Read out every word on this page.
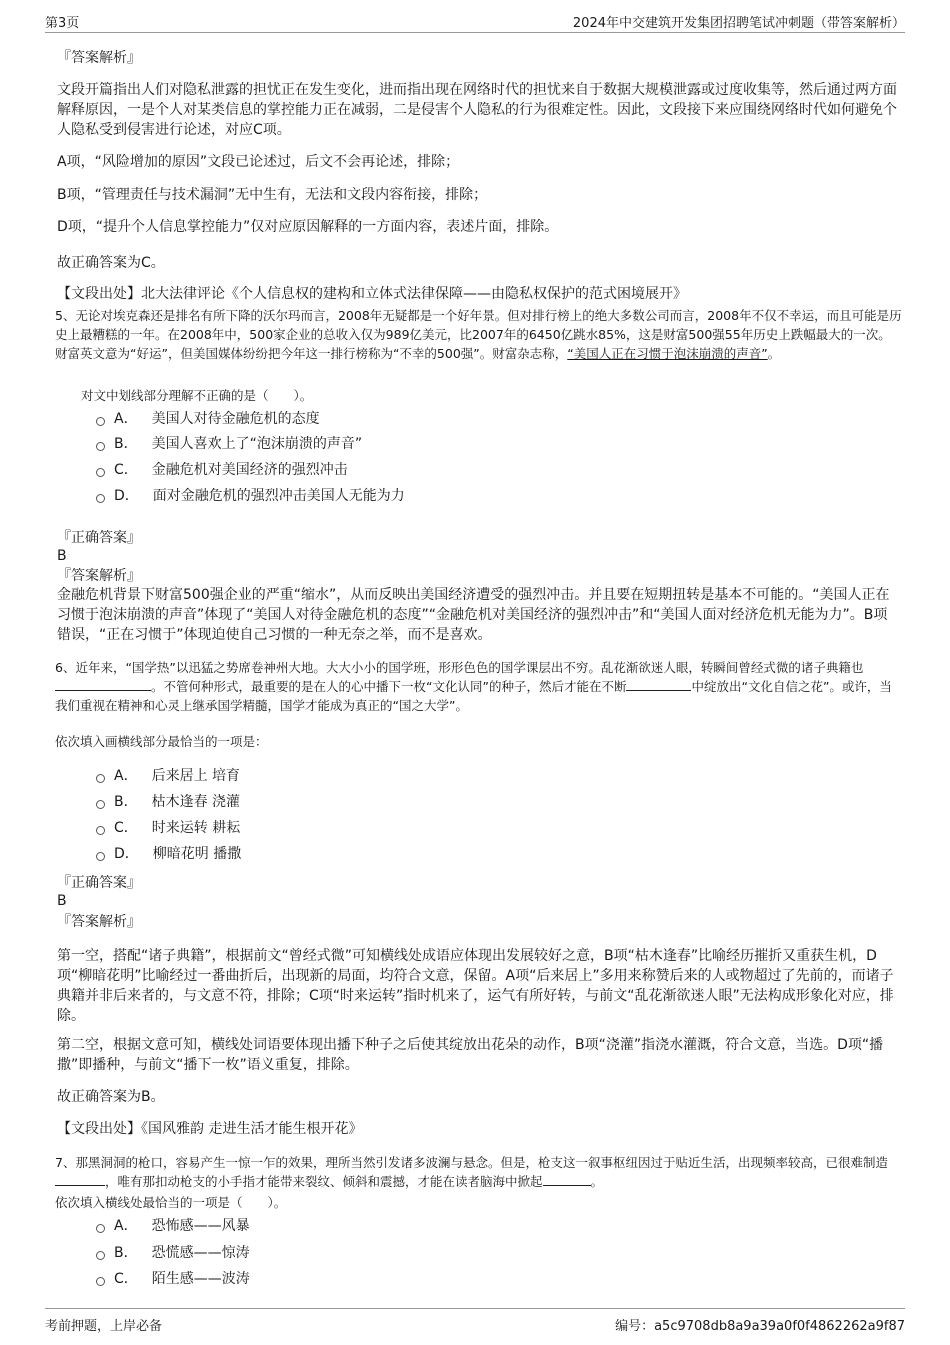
第3页	2024年中交建筑开发集团招聘笔试冲刺题（带答案解析）
『答案解析』
文段开篇指出人们对隐私泄露的担忧正在发生变化，进而指出现在网络时代的担忧来自于数据大规模泄露或过度收集等，然后通过两方面解释原因，一是个人对某类信息的掌控能力正在减弱，二是侵害个人隐私的行为很难定性。因此，文段接下来应围绕网络时代如何避免个人隐私受到侵害进行论述，对应C项。
A项，“风险增加的原因”文段已论述过，后文不会再论述，排除；
B项，“管理责任与技术漏洞”无中生有，无法和文段内容衔接，排除；
D项，“提升个人信息掌控能力”仅对应原因解释的一方面内容，表述片面，排除。
故正确答案为C。
【文段出处】北大法律评论《个人信息权的建构和立体式法律保障——由隐私权保护的范式困境展开》
5、无论对埃克森还是排名有所下降的沃尔玛而言，2008年无疑都是一个好年景。但对排行榜上的绝大多数公司而言，2008年不仅不幸运，而且可能是历史上最糟糕的一年。在2008年中，500家企业的总收入仅为989亿美元，比2007年的6450亿跳水85%，这是财富500强55年历史上跌幅最大的一次。财富英文意为“好运”，但美国媒体纷纷把今年这一排行榜称为“不幸的500强”。财富杂志称，“美国人正在习惯于泡沫崩溃的声音”。
对文中划线部分理解不正确的是（　　）。
A． 美国人对待金融危机的态度
B． 美国人喜欢上了“泡沫崩溃的声音”
C． 金融危机对美国经济的强烈冲击
D． 面对金融危机的强烈冲击美国人无能为力
『正确答案』
B
『答案解析』
金融危机背景下财富500强企业的严重“缩水”，从而反映出美国经济遭受的强烈冲击。并且要在短期扭转是基本不可能的。“美国人正在习惯于泡沫崩溃的声音”体现了“美国人对待金融危机的态度”“金融危机对美国经济的强烈冲击”和“美国人面对经济危机无能为力”。B项错误，“正在习惯于”体现迫使自己习惯的一种无奈之举，而不是喜欢。
6、近年来，“国学热”以迅猛之势席卷神州大地。大大小小的国学班，形形色色的国学课层出不穷。乱花渐欲迷人眼，转瞬间曾经式微的诸子典籍也。不管何种形式，最重要的是在人的心中播下一枚“文化认同”的种子，然后才能在不断	中绽放出“文化自信之花”。或许，当我们重视在精神和心灵上继承国学精髓，国学才能成为真正的“国之大学”。
依次填入画横线部分最恰当的一项是：
A． 后来居上 培育
B． 枯木逢春 浇灌
C． 时来运转 耕耘
D． 柳暗花明 播撒
『正确答案』
B
『答案解析』
第一空，搭配“诸子典籍”，根据前文“曾经式微”可知横线处成语应体现出发展较好之意，B项“枯木逢春”比喻经历摧折又重获生机，D项“柳暗花明”比喻经过一番曲折后，出现新的局面，均符合文意，保留。A项“后来居上”多用来称赞后来的人或物超过了先前的，而诸子典籍并非后来者的，与文意不符，排除；C项“时来运转”指时机来了，运气有所好转，与前文“乱花渐欲迷人眼”无法构成形象化对应，排除。
第二空，根据文意可知，横线处词语要体现出播下种子之后使其绽放出花朵的动作，B项“浇灌”指浇水灌溉，符合文意，当选。D项“播撒”即播种，与前文“播下一枚”语义重复，排除。
故正确答案为B。
【文段出处】《国风雅韵 走进生活才能生根开花》
7、那黑洞洞的枪口，容易产生一惊一乍的效果，理所当然引发诸多波澜与悬念。但是，枪支这一叙事枢纽因过于贴近生活，出现频率较高，已很难制造，唯有那扣动枪支的小手指才能带来裂纹、倾斜和震撼，才能在读者脑海中掀起	。
依次填入横线处最恰当的一项是（　　）。
A． 恐怖感——风暴
B． 恐慌感——惊涛
C． 陌生感——波涛
考前押题，上岸必备	编号：a5c9708db8a9a39a0f0f4862262a9f87
